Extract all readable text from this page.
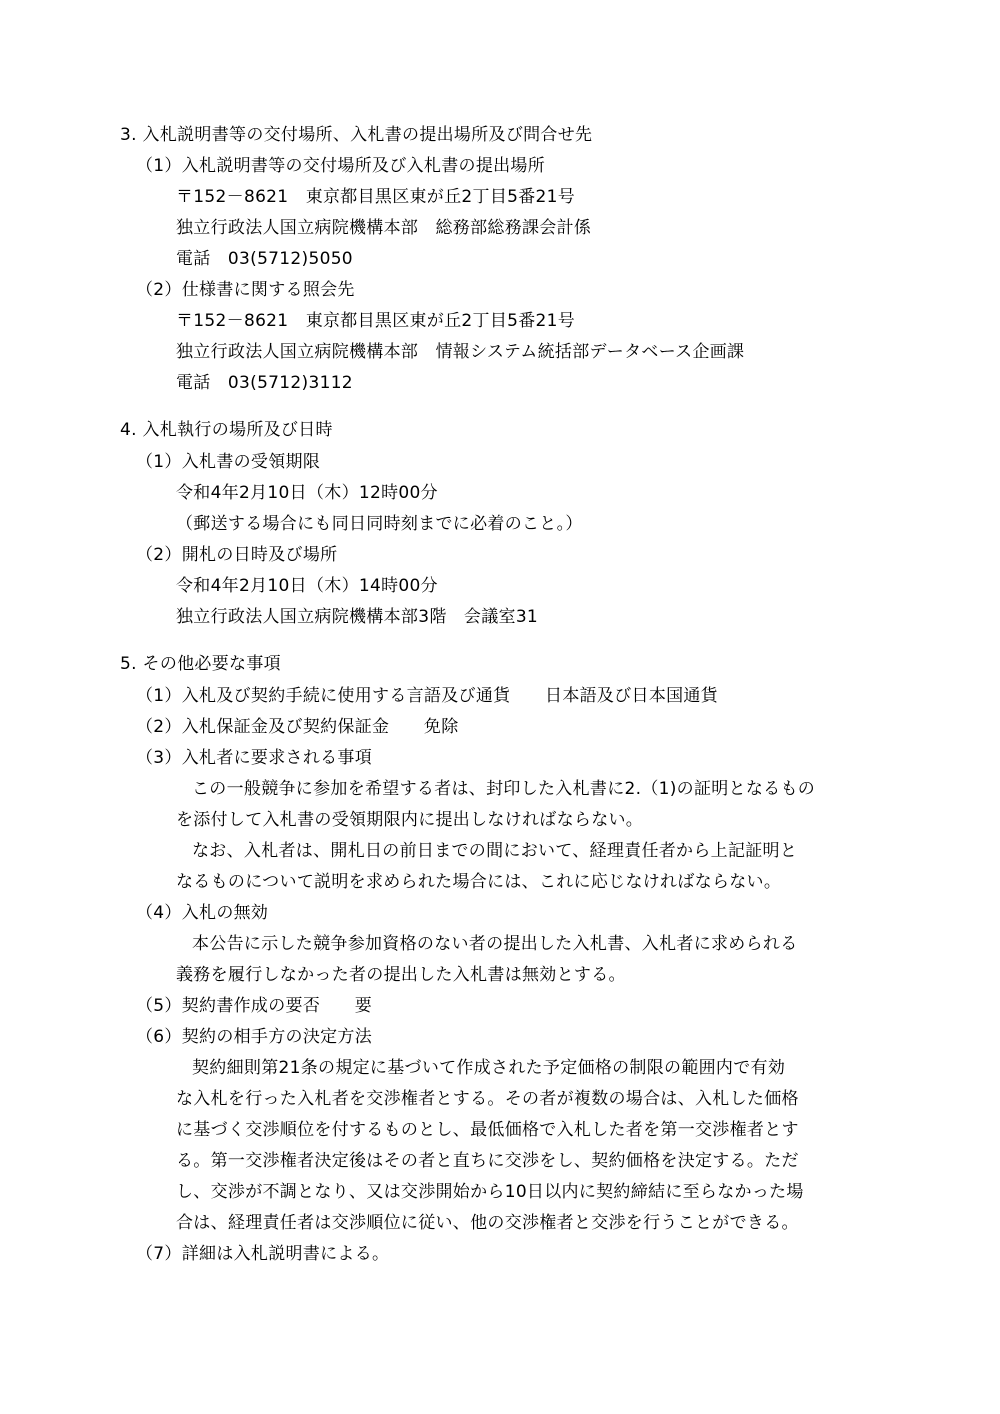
3. 入札説明書等の交付場所、入札書の提出場所及び問合せ先
（1）入札説明書等の交付場所及び入札書の提出場所
〒152－8621　東京都目黒区東が丘2丁目5番21号
独立行政法人国立病院機構本部　総務部総務課会計係
電話　03(5712)5050
（2）仕様書に関する照会先
〒152－8621　東京都目黒区東が丘2丁目5番21号
独立行政法人国立病院機構本部　情報システム統括部データベース企画課
電話　03(5712)3112
4. 入札執行の場所及び日時
（1）入札書の受領期限
令和4年2月10日（木）12時00分
（郵送する場合にも同日同時刻までに必着のこと。）
（2）開札の日時及び場所
令和4年2月10日（木）14時00分
独立行政法人国立病院機構本部3階　会議室31
5. その他必要な事項
（1）入札及び契約手続に使用する言語及び通貨　　日本語及び日本国通貨
（2）入札保証金及び契約保証金　　免除
（3）入札者に要求される事項
この一般競争に参加を希望する者は、封印した入札書に2.（1)の証明となるもの
を添付して入札書の受領期限内に提出しなければならない。
なお、入札者は、開札日の前日までの間において、経理責任者から上記証明と
なるものについて説明を求められた場合には、これに応じなければならない。
（4）入札の無効
本公告に示した競争参加資格のない者の提出した入札書、入札者に求められる
義務を履行しなかった者の提出した入札書は無効とする。
（5）契約書作成の要否　　要
（6）契約の相手方の決定方法
契約細則第21条の規定に基づいて作成された予定価格の制限の範囲内で有効
な入札を行った入札者を交渉権者とする。その者が複数の場合は、入札した価格
に基づく交渉順位を付するものとし、最低価格で入札した者を第一交渉権者とす
る。第一交渉権者決定後はその者と直ちに交渉をし、契約価格を決定する。ただ
し、交渉が不調となり、又は交渉開始から10日以内に契約締結に至らなかった場
合は、経理責任者は交渉順位に従い、他の交渉権者と交渉を行うことができる。
（7）詳細は入札説明書による。
